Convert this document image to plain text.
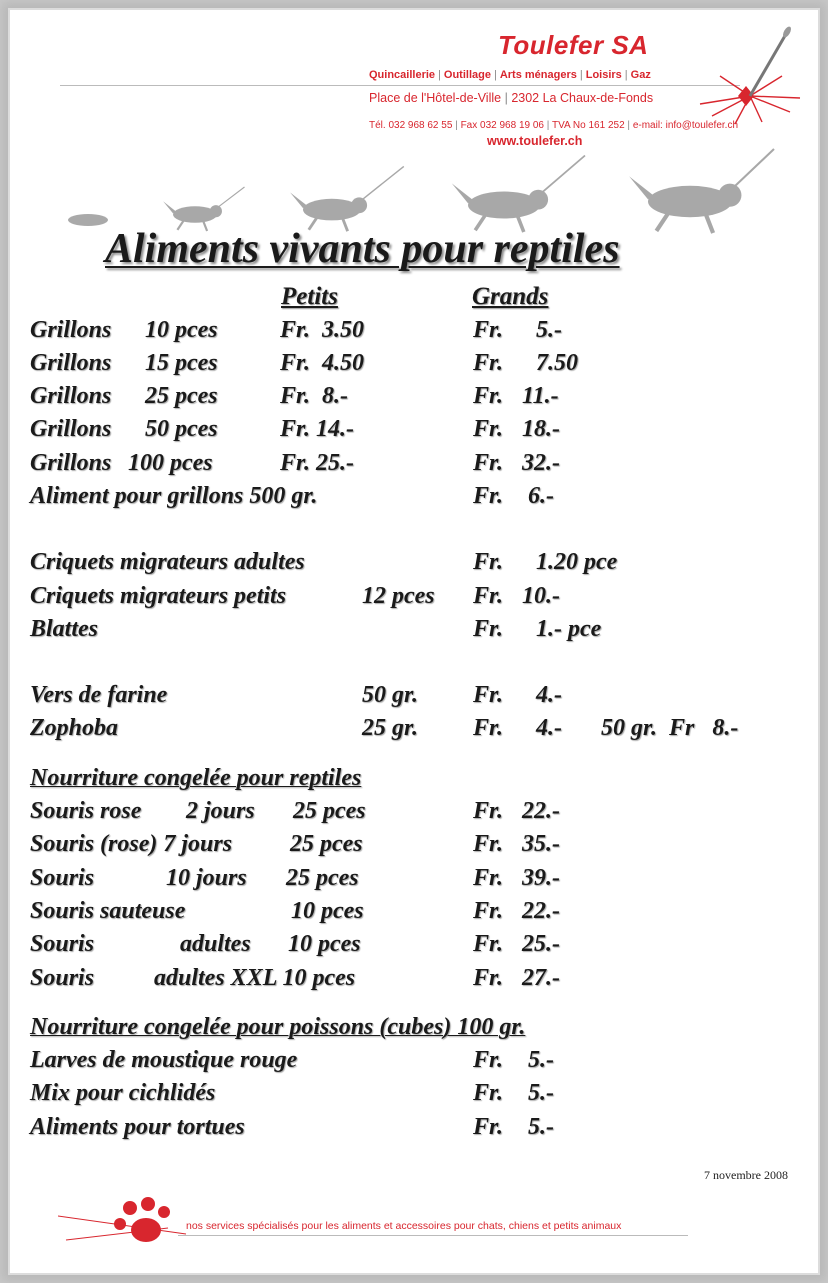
Toulefer SA
Quincaillerie | Outillage | Arts ménagers | Loisirs | Gaz
Place de l'Hôtel-de-Ville | 2302 La Chaux-de-Fonds
Tél. 032 968 62 55 | Fax 032 968 19 06 | TVA No 161 252 | e-mail: info@toulefer.ch
www.toulefer.ch
Aliments vivants pour reptiles
Petits	Grands
Grillons 10 pces	Fr.  3.50	Fr. 5.-
Grillons 15 pces	Fr.  4.50	Fr. 7.50
Grillons 25 pces	Fr.  8.-	Fr. 11.-
Grillons 50 pces	Fr. 14.-	Fr. 18.-
Grillons 100 pces	Fr. 25.-	Fr. 32.-
Aliment pour grillons 500 gr.	Fr. 6.-
Criquets migrateurs adultes	Fr. 1.20 pce
Criquets migrateurs petits	12 pces Fr. 10.-
Blattes	Fr. 1.- pce
Vers de farine	50 gr. Fr. 4.-
Zophoba	25 gr. Fr. 4.- 50 gr.  Fr   8.-
Nourriture congelée pour reptiles
Souris rose 2 jours 25 pces	Fr. 22.-
Souris (rose) 7 jours 25 pces	Fr. 35.-
Souris	10 jours 25 pces	Fr. 39.-
Souris sauteuse	10 pces	Fr. 22.-
Souris	adultes 10 pces	Fr. 25.-
Souris adultes XXL 10 pces	Fr. 27.-
Nourriture congelée pour poissons (cubes) 100 gr.
Larves de moustique rouge	Fr. 5.-
Mix pour cichlidés	Fr. 5.-
Aliments pour tortues	Fr. 5.-
7 novembre 2008
nos services spécialisés pour les aliments et accessoires pour chats, chiens et petits animaux
